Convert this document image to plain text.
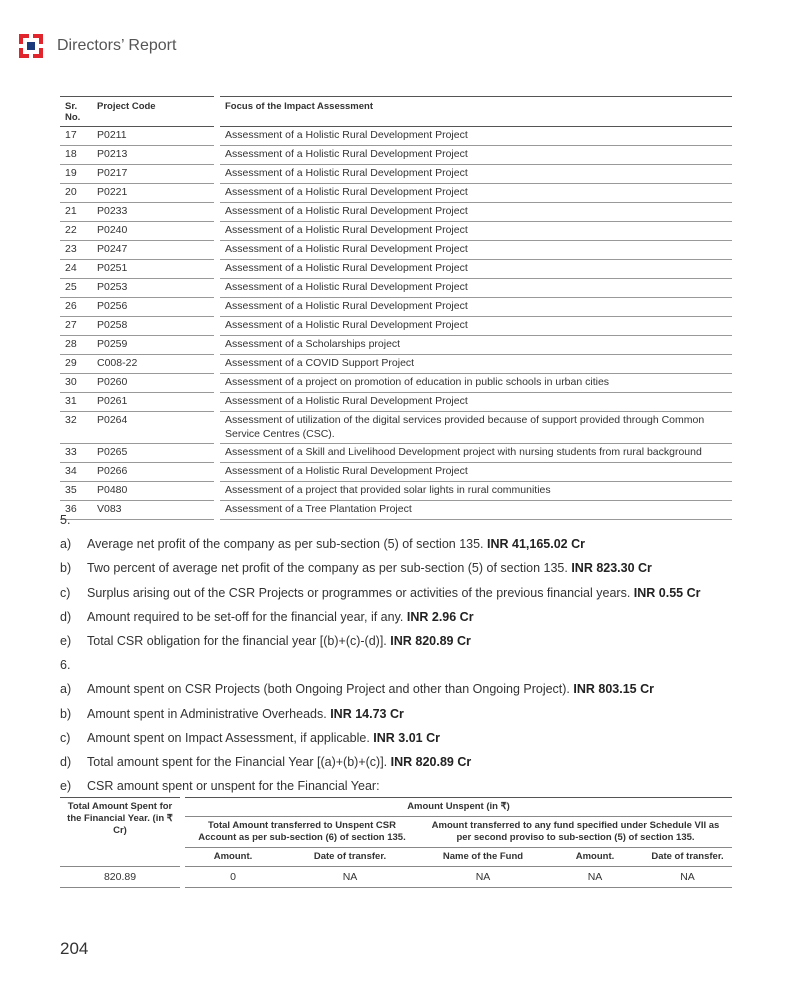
Directors’ Report
Sr. No.	Project Code		Focus of the Impact Assessment
17	P0211		Assessment of a Holistic Rural Development Project
18	P0213		Assessment of a Holistic Rural Development Project
19	P0217		Assessment of a Holistic Rural Development Project
20	P0221		Assessment of a Holistic Rural Development Project
21	P0233		Assessment of a Holistic Rural Development Project
22	P0240		Assessment of a Holistic Rural Development Project
23	P0247		Assessment of a Holistic Rural Development Project
24	P0251		Assessment of a Holistic Rural Development Project
25	P0253		Assessment of a Holistic Rural Development Project
26	P0256		Assessment of a Holistic Rural Development Project
27	P0258		Assessment of a Holistic Rural Development Project
28	P0259		Assessment of a Scholarships project
29	C008-22		Assessment of a COVID Support Project
30	P0260		Assessment of a project on promotion of education in public schools in urban cities
31	P0261		Assessment of a Holistic Rural Development Project
32	P0264		Assessment of utilization of the digital services provided because of support provided through Common Service Centres (CSC).
33	P0265		Assessment of a Skill and Livelihood Development project with nursing students from rural background
34	P0266		Assessment of a Holistic Rural Development Project
35	P0480		Assessment of a project that provided solar lights in rural communities
36	V083		Assessment of a Tree Plantation Project
5.
a)	Average net profit of the company as per sub-section (5) of section 135. INR 41,165.02 Cr
b)	Two percent of average net profit of the company as per sub-section (5) of section 135. INR 823.30 Cr
c)	Surplus arising out of the CSR Projects or programmes or activities of the previous financial years. INR 0.55 Cr
d)	Amount required to be set-off for the financial year, if any. INR 2.96 Cr
e)	Total CSR obligation for the financial year [(b)+(c)-(d)]. INR 820.89 Cr
6.
a)	Amount spent on CSR Projects (both Ongoing Project and other than Ongoing Project). INR 803.15 Cr
b)	Amount spent in Administrative Overheads. INR 14.73 Cr
c)	Amount spent on Impact Assessment, if applicable. INR 3.01 Cr
d)	Total amount spent for the Financial Year [(a)+(b)+(c)]. INR 820.89 Cr
e)	CSR amount spent or unspent for the Financial Year:
Total Amount Spent for the Financial Year. (in ₹ Cr)		Amount Unspent (in ₹)				
		Total Amount transferred to Unspent CSR Account as per sub-section (6) of section 135.		Amount transferred to any fund specified under Schedule VII as per second proviso to sub-section (5) of section 135.		
		Amount.	Date of transfer.	Name of the Fund	Amount.	Date of transfer.
820.89		0	NA	NA	NA	NA
204
